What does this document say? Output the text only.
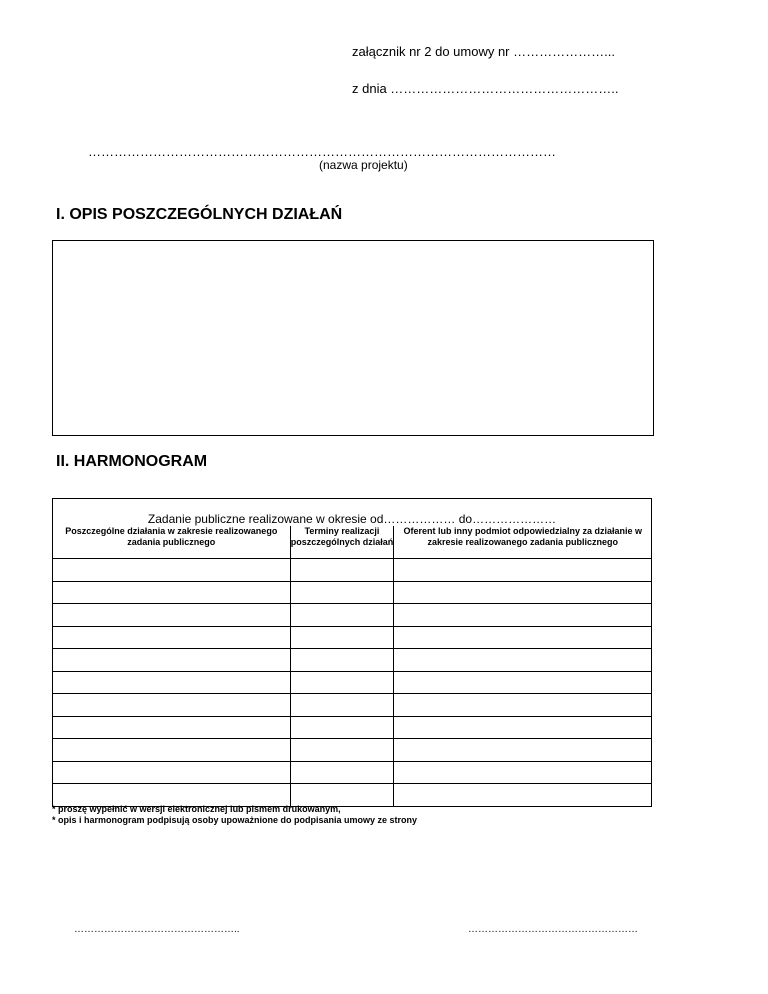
załącznik nr 2 do umowy nr …………………...
z dnia ……………………………………………..
………………………………………………………………………………………………
(nazwa projektu)
I. OPIS POSZCZEGÓLNYCH DZIAŁAŃ
II. HARMONOGRAM
Zadanie publiczne realizowane w okresie od……………… do…………………		
Poszczególne działania w zakresie realizowanego zadania publicznego	Terminy realizacji poszczególnych działań	Oferent lub inny podmiot odpowiedzialny za działanie w zakresie realizowanego zadania publicznego

* proszę wypełnić w wersji elektronicznej lub pismem drukowanym,
* opis i harmonogram podpisują osoby upoważnione do podpisania umowy ze strony
…………………………………………..	……………………………………………
